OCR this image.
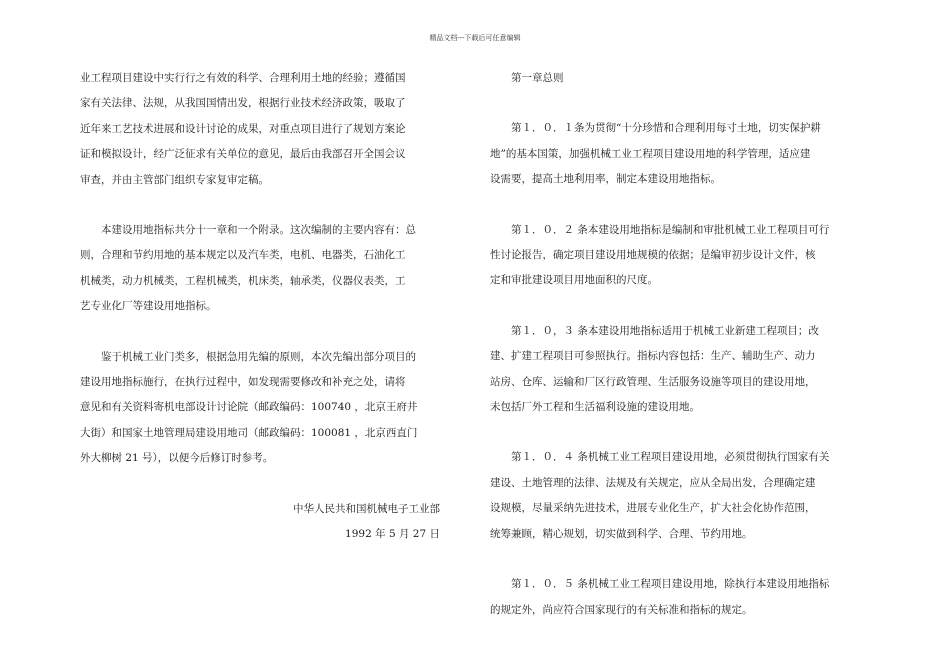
精品文档---下载后可任意编辑
业工程项目建设中实行行之有效的科学、合理利用土地的经验；遵循国
家有关法律、法规，从我国国情出发，根据行业技术经济政策，吸取了
近年来工艺技术进展和设计讨论的成果，对重点项目进行了规划方案论
证和模拟设计，经广泛征求有关单位的意见，最后由我部召开全国会议
审查，并由主管部门组织专家复审定稿。
　　本建设用地指标共分十一章和一个附录。这次编制的主要内容有：总
则，合理和节约用地的基本规定以及汽车类，电机、电器类，石油化工
机械类，动力机械类，工程机械类，机床类，轴承类，仪器仪表类，工
艺专业化厂等建设用地指标。
　　鉴于机械工业门类多，根据急用先编的原则，本次先编出部分项目的
建设用地指标施行，在执行过程中，如发现需要修改和补充之处，请将
意见和有关资料寄机电部设计讨论院（邮政编码：100740 ，北京王府井
大街）和国家土地管理局建设用地司（邮政编码：100081 ，北京西直门
外大柳树 21 号），以便今后修订时参考。
中华人民共和国机械电子工业部
1992 年 5 月 27 日
　　第一章总则
　　第１．０．１条为贯彻“十分珍惜和合理利用每寸土地，切实保护耕
地”的基本国策，加强机械工业工程项目建设用地的科学管理，适应建
设需要，提高土地利用率，制定本建设用地指标。
　　第１．０．２ 条本建设用地指标是编制和审批机械工业工程项目可行
性讨论报告，确定项目建设用地规模的依据；是编审初步设计文件，核
定和审批建设项目用地面积的尺度。
　　第１．０，３ 条本建设用地指标适用于机械工业新建工程项目；改
建、扩建工程项目可参照执行。指标内容包括：生产、辅助生产、动力
站房、仓库、运输和厂区行政管理、生活服务设施等项目的建设用地，
未包括厂外工程和生活福利设施的建设用地。
　　第１．０．４ 条机械工业工程项目建设用地，必须贯彻执行国家有关
建设、土地管理的法律、法规及有关规定，应从全局出发，合理确定建
设规模，尽量采纳先进技术，进展专业化生产，扩大社会化协作范围，
统筹兼顾，精心规划，切实做到科学、合理、节约用地。
　　第１．０．５ 条机械工业工程项目建设用地，除执行本建设用地指标
的规定外，尚应符合国家现行的有关标准和指标的规定。
